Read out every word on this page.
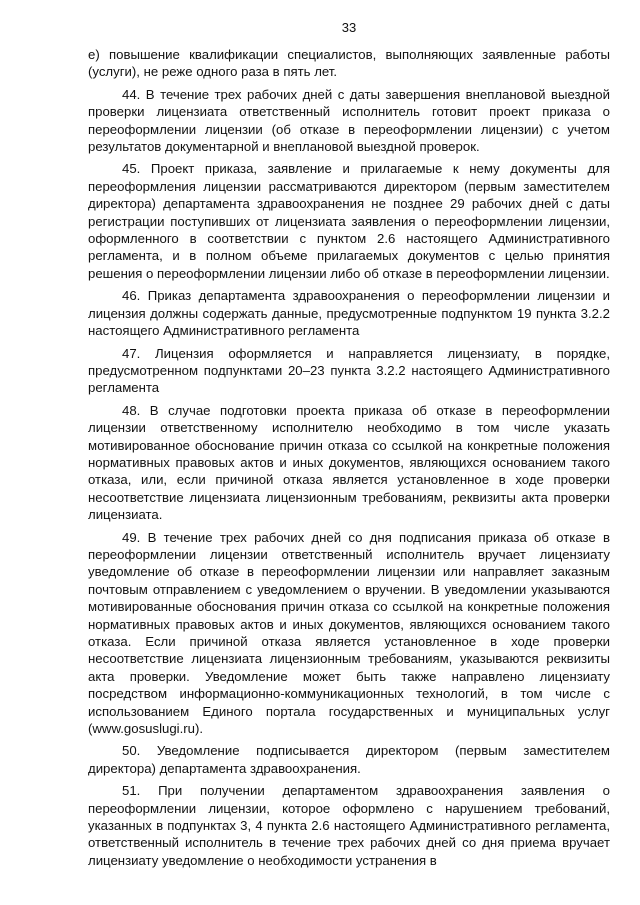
33

е) повышение квалификации специалистов, выполняющих заявленные работы (услуги), не реже одного раза в пять лет.

44. В течение трех рабочих дней с даты завершения внеплановой выездной проверки лицензиата ответственный исполнитель готовит проект приказа о переоформлении лицензии (об отказе в переоформлении лицензии) с учетом результатов документарной и внеплановой выездной проверок.

45. Проект приказа, заявление и прилагаемые к нему документы для переоформления лицензии рассматриваются директором (первым заместителем директора) департамента здравоохранения не позднее 29 рабочих дней с даты регистрации поступивших от лицензиата заявления о переоформлении лицензии, оформленного в соответствии с пунктом 2.6 настоящего Административного регламента, и в полном объеме прилагаемых документов с целью принятия решения о переоформлении лицензии либо об отказе в переоформлении лицензии.

46. Приказ департамента здравоохранения о переоформлении лицензии и лицензия должны содержать данные, предусмотренные подпунктом 19 пункта 3.2.2 настоящего Административного регламента

47. Лицензия оформляется и направляется лицензиату, в порядке, предусмотренном подпунктами 20–23 пункта 3.2.2 настоящего Административного регламента

48. В случае подготовки проекта приказа об отказе в переоформлении лицензии ответственному исполнителю необходимо в том числе указать мотивированное обоснование причин отказа со ссылкой на конкретные положения нормативных правовых актов и иных документов, являющихся основанием такого отказа, или, если причиной отказа является установленное в ходе проверки несоответствие лицензиата лицензионным требованиям, реквизиты акта проверки лицензиата.

49. В течение трех рабочих дней со дня подписания приказа об отказе в переоформлении лицензии ответственный исполнитель вручает лицензиату уведомление об отказе в переоформлении лицензии или направляет заказным почтовым отправлением с уведомлением о вручении. В уведомлении указываются мотивированные обоснования причин отказа со ссылкой на конкретные положения нормативных правовых актов и иных документов, являющихся основанием такого отказа. Если причиной отказа является установленное в ходе проверки несоответствие лицензиата лицензионным требованиям, указываются реквизиты акта проверки. Уведомление может быть также направлено лицензиату посредством информационно-коммуникационных технологий, в том числе с использованием Единого портала государственных и муниципальных услуг (www.gosuslugi.ru).

50. Уведомление подписывается директором (первым заместителем директора) департамента здравоохранения.

51. При получении департаментом здравоохранения заявления о переоформлении лицензии, которое оформлено с нарушением требований, указанных в подпунктах 3, 4 пункта 2.6 настоящего Административного регламента, ответственный исполнитель в течение трех рабочих дней со дня приема вручает лицензиату уведомление о необходимости устранения в
